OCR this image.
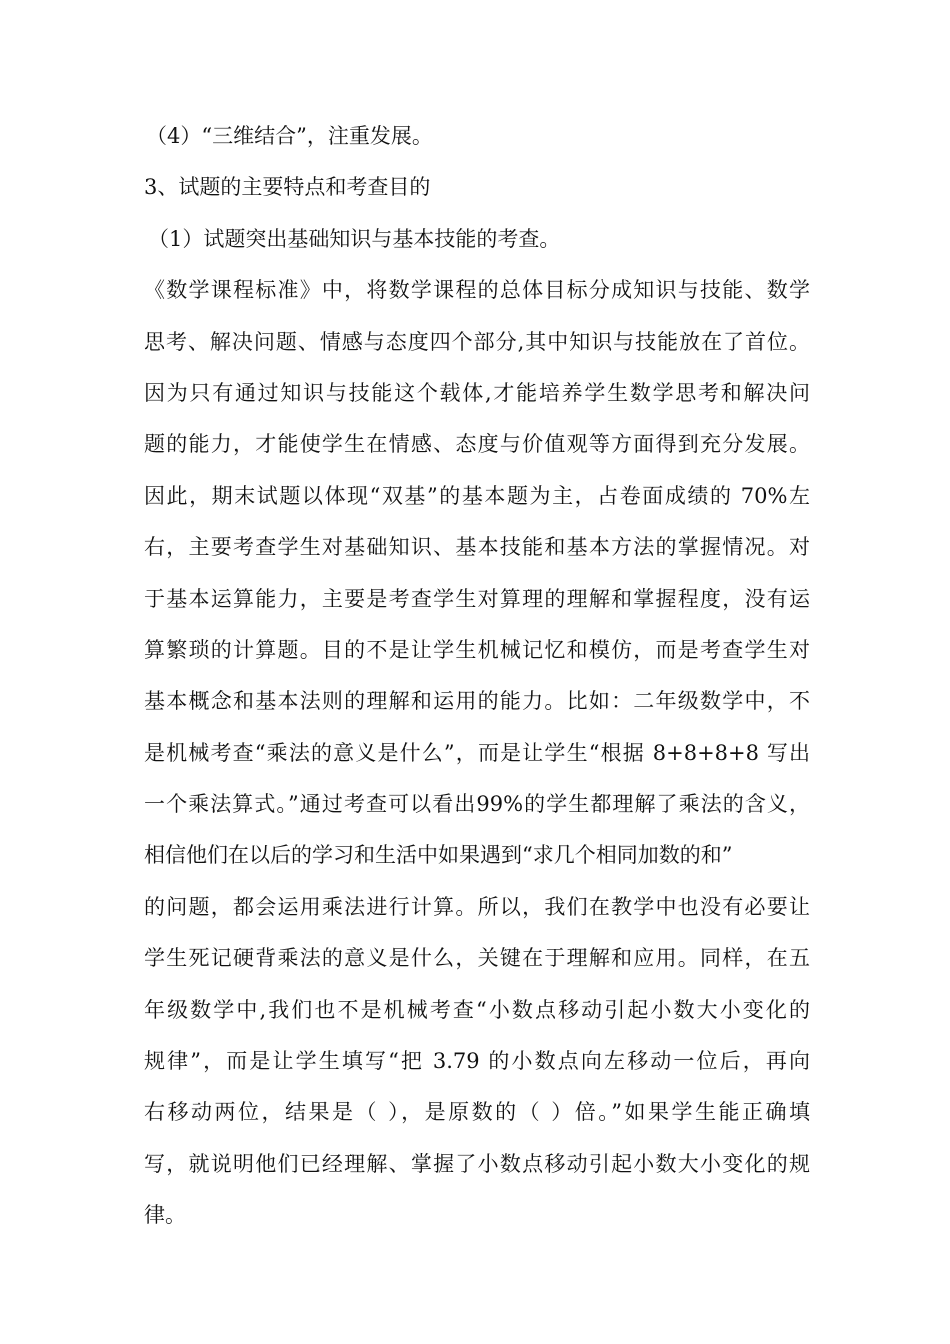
（4）“三维结合”，注重发展。
3、试题的主要特点和考查目的
（1）试题突出基础知识与基本技能的考查。
《数学课程标准》中，将数学课程的总体目标分成知识与技能、数学
思考、解决问题、情感与态度四个部分,其中知识与技能放在了首位。
因为只有通过知识与技能这个载体,才能培养学生数学思考和解决问
题的能力，才能使学生在情感、态度与价值观等方面得到充分发展。
因此，期末试题以体现“双基”的基本题为主，占卷面成绩的 70%左
右，主要考查学生对基础知识、基本技能和基本方法的掌握情况。对
于基本运算能力，主要是考查学生对算理的理解和掌握程度，没有运
算繁琐的计算题。目的不是让学生机械记忆和模仿，而是考查学生对
基本概念和基本法则的理解和运用的能力。比如：二年级数学中，不
是机械考查“乘法的意义是什么”，而是让学生“根据 8+8+8+8 写出
一个乘法算式。”通过考查可以看出99%的学生都理解了乘法的含义，
相信他们在以后的学习和生活中如果遇到“求几个相同加数的和”
的问题，都会运用乘法进行计算。所以，我们在教学中也没有必要让
学生死记硬背乘法的意义是什么，关键在于理解和应用。同样，在五
年级数学中,我们也不是机械考查“小数点移动引起小数大小变化的
规律”，而是让学生填写“把 3.79 的小数点向左移动一位后，再向
右移动两位，结果是（ ），是原数的（ ）倍。”如果学生能正确填
写，就说明他们已经理解、掌握了小数点移动引起小数大小变化的规
律。
